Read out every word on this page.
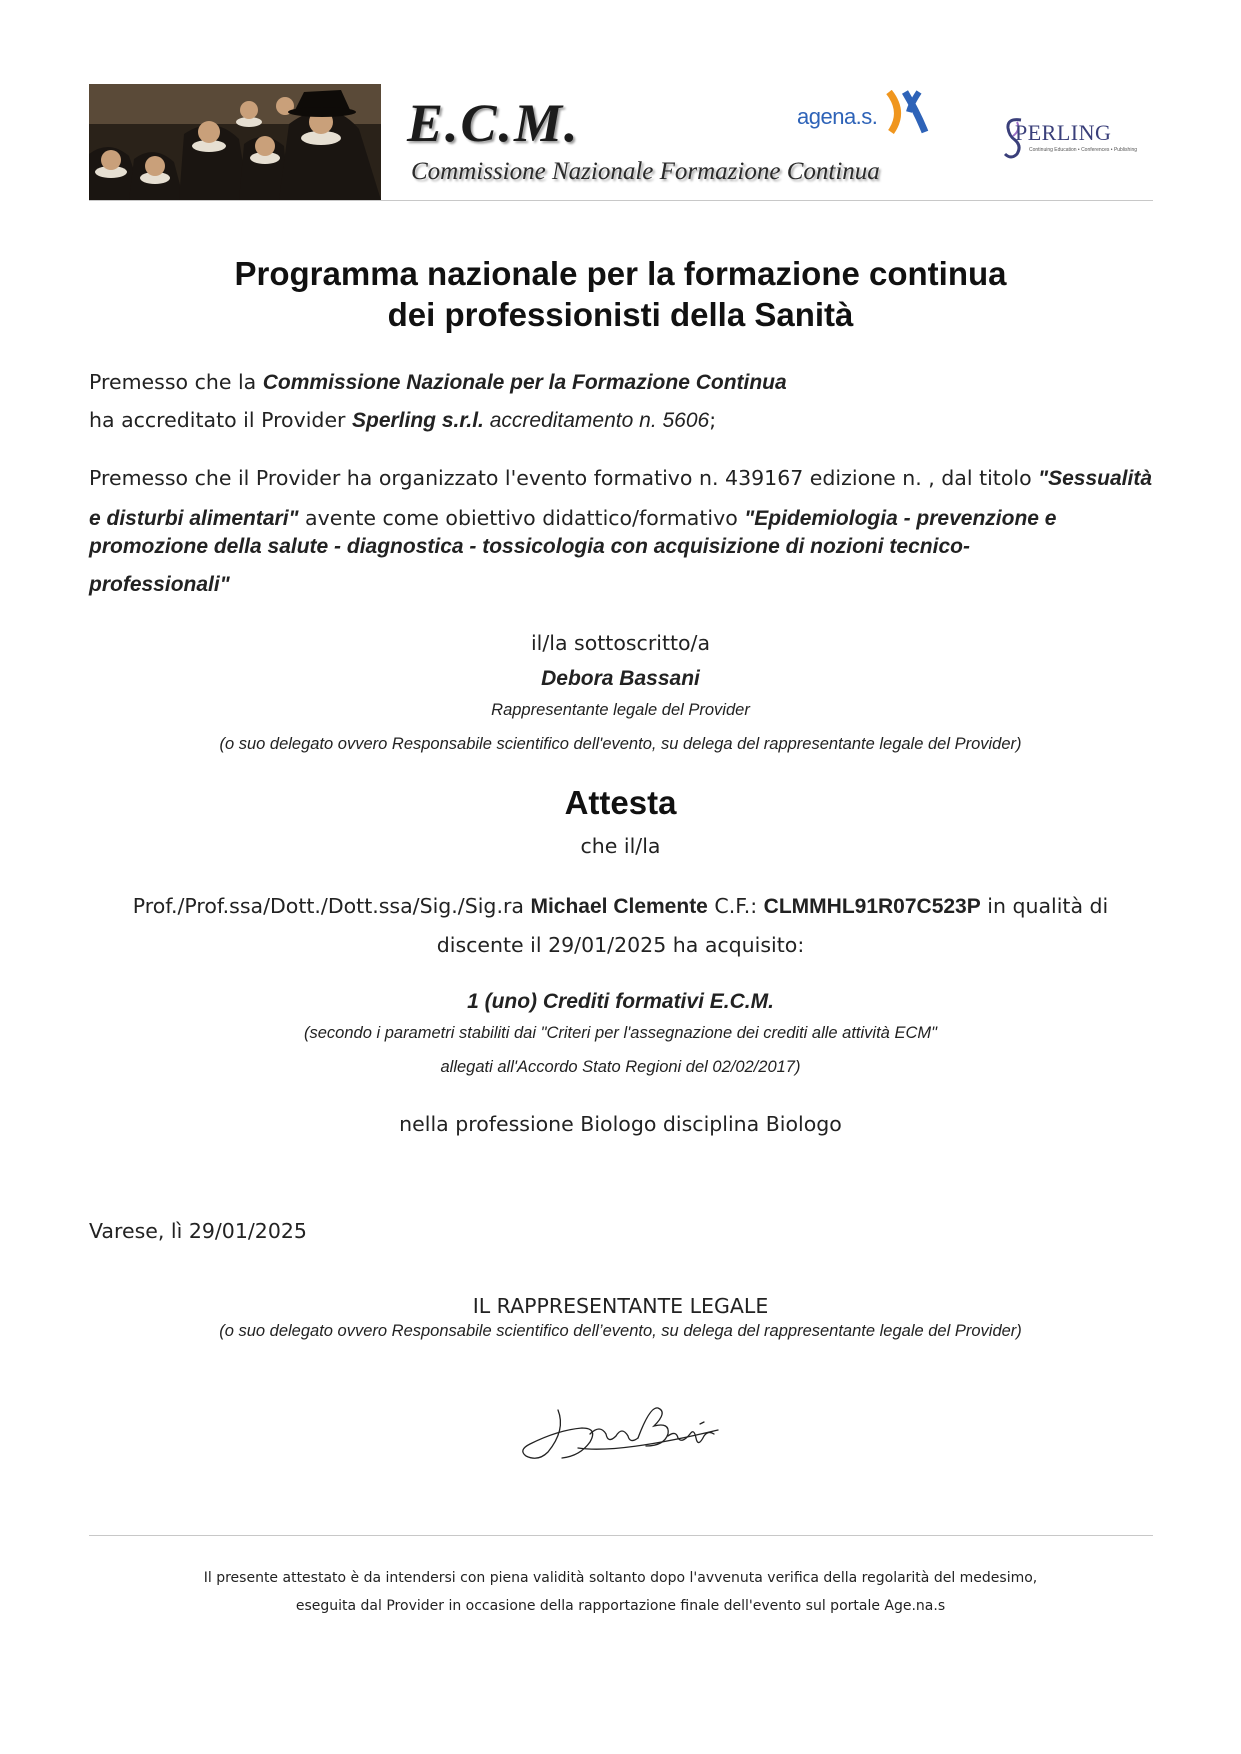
E.C.M.
Commissione Nazionale Formazione Continua
agena.s.
PERLING
Continuing Education • Conferences • Publishing
Programma nazionale per la formazione continua
dei professionisti della Sanità
Premesso che la Commissione Nazionale per la Formazione Continua
ha accreditato il Provider Sperling s.r.l. accreditamento n. 5606;
Premesso che il Provider ha organizzato l'evento formativo n. 439167 edizione n. , dal titolo "Sessualità
e disturbi alimentari" avente come obiettivo didattico/formativo "Epidemiologia - prevenzione e
promozione della salute - diagnostica - tossicologia con acquisizione di nozioni tecnico-
professionali"
il/la sottoscritto/a
Debora Bassani
Rappresentante legale del Provider
(o suo delegato ovvero Responsabile scientifico dell'evento, su delega del rappresentante legale del Provider)
Attesta
che il/la
Prof./Prof.ssa/Dott./Dott.ssa/Sig./Sig.ra Michael Clemente C.F.: CLMMHL91R07C523P in qualità di
discente il 29/01/2025 ha acquisito:
1 (uno) Crediti formativi E.C.M.
(secondo i parametri stabiliti dai "Criteri per l'assegnazione dei crediti alle attività ECM"
allegati all'Accordo Stato Regioni del 02/02/2017)
nella professione Biologo disciplina Biologo
Varese, lì 29/01/2025
IL RAPPRESENTANTE LEGALE
(o suo delegato ovvero Responsabile scientifico dell’evento, su delega del rappresentante legale del Provider)
Il presente attestato è da intendersi con piena validità soltanto dopo l'avvenuta verifica della regolarità del medesimo,
eseguita dal Provider in occasione della rapportazione finale dell'evento sul portale Age.na.s
